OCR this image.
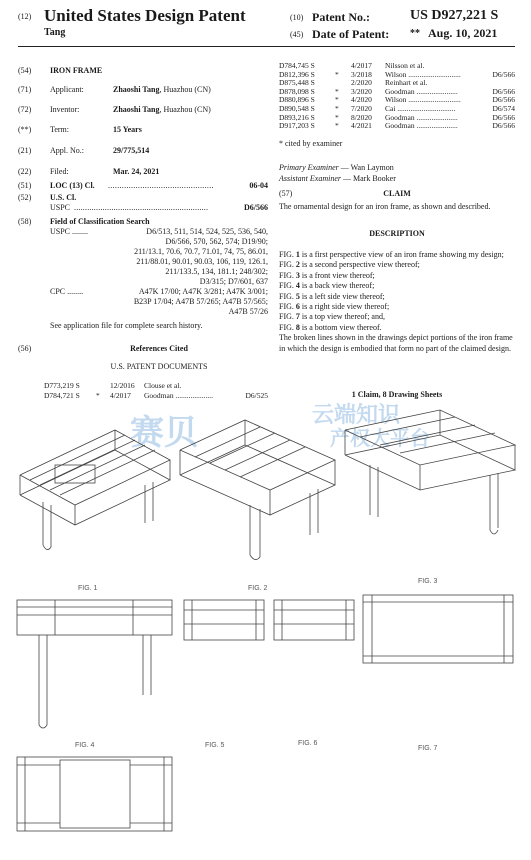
(12) United States Design Patent
Tang
(10) Patent No.:	US D927,221 S
(45) Date of Patent: ** Aug. 10, 2021
(54)	IRON FRAME
(71)	Applicant:	Zhaoshi Tang, Huazhou (CN)
(72)	Inventor:	Zhaoshi Tang, Huazhou (CN)
(**)	Term:	15 Years
(21)	Appl. No.:	29/775,514
(22)	Filed:	Mar. 24, 2021
(51)	LOC (13) Cl. ..............................................	06-04
(52)	U.S. Cl.
USPC .............................................................	D6/566
(58)	Field of Classification Search
USPC ........	D6/513, 511, 514, 524, 525, 536, 540,
D6/566, 570, 562, 574; D19/90;
211/13.1, 70.6, 70.7, 71.01, 74, 75, 86.01,
211/88.01, 90.01, 90.03, 106, 119, 126.1,
211/133.5, 134, 181.1; 248/302;
D3/315; D7/601, 637
CPC ........	A47K 17/00; A47K 3/281; A47K 3/001;
B23P 17/04; A47B 57/265; A47B 57/565;
A47B 57/26
See application file for complete search history.
(56)	References Cited
U.S. PATENT DOCUMENTS
D773,219 S	12/2016 Clouse et al.
D784,721 S * 4/2017 Goodman ....................	D6/525
D784,745 S	4/2017 Nilsson et al.
D812,396 S	* 3/2018 Wilson ............................	D6/566
D875,448 S	2/2020 Reinhart et al.
D878,098 S	* 3/2020 Goodman ......................	D6/566
D880,896 S	* 4/2020 Wilson ............................	D6/566
D890,548 S	* 7/2020 Cai ...............................	D6/574
D893,216 S	* 8/2020 Goodman ......................	D6/566
D917,203 S	* 4/2021 Goodman ......................	D6/566
* cited by examiner
Primary Examiner — Wan Laymon
Assistant Examiner — Mark Booker
(57)	CLAIM
The ornamental design for an iron frame, as shown and described.
DESCRIPTION
FIG. 1 is a first perspective view of an iron frame showing my design;
FIG. 2 is a second perspective view thereof;
FIG. 3 is a front view thereof;
FIG. 4 is a back view thereof;
FIG. 5 is a left side view thereof;
FIG. 6 is a right side view thereof;
FIG. 7 is a top view thereof; and,
FIG. 8 is a bottom view thereof.
The broken lines shown in the drawings depict portions of the iron frame in which the design is embodied that form no part of the claimed design.
1 Claim, 8 Drawing Sheets
赛贝	云端知识
产权大平台
FIG. 1	FIG. 2
FIG. 3
FIG. 4	FIG. 5	FIG. 6
FIG. 7
